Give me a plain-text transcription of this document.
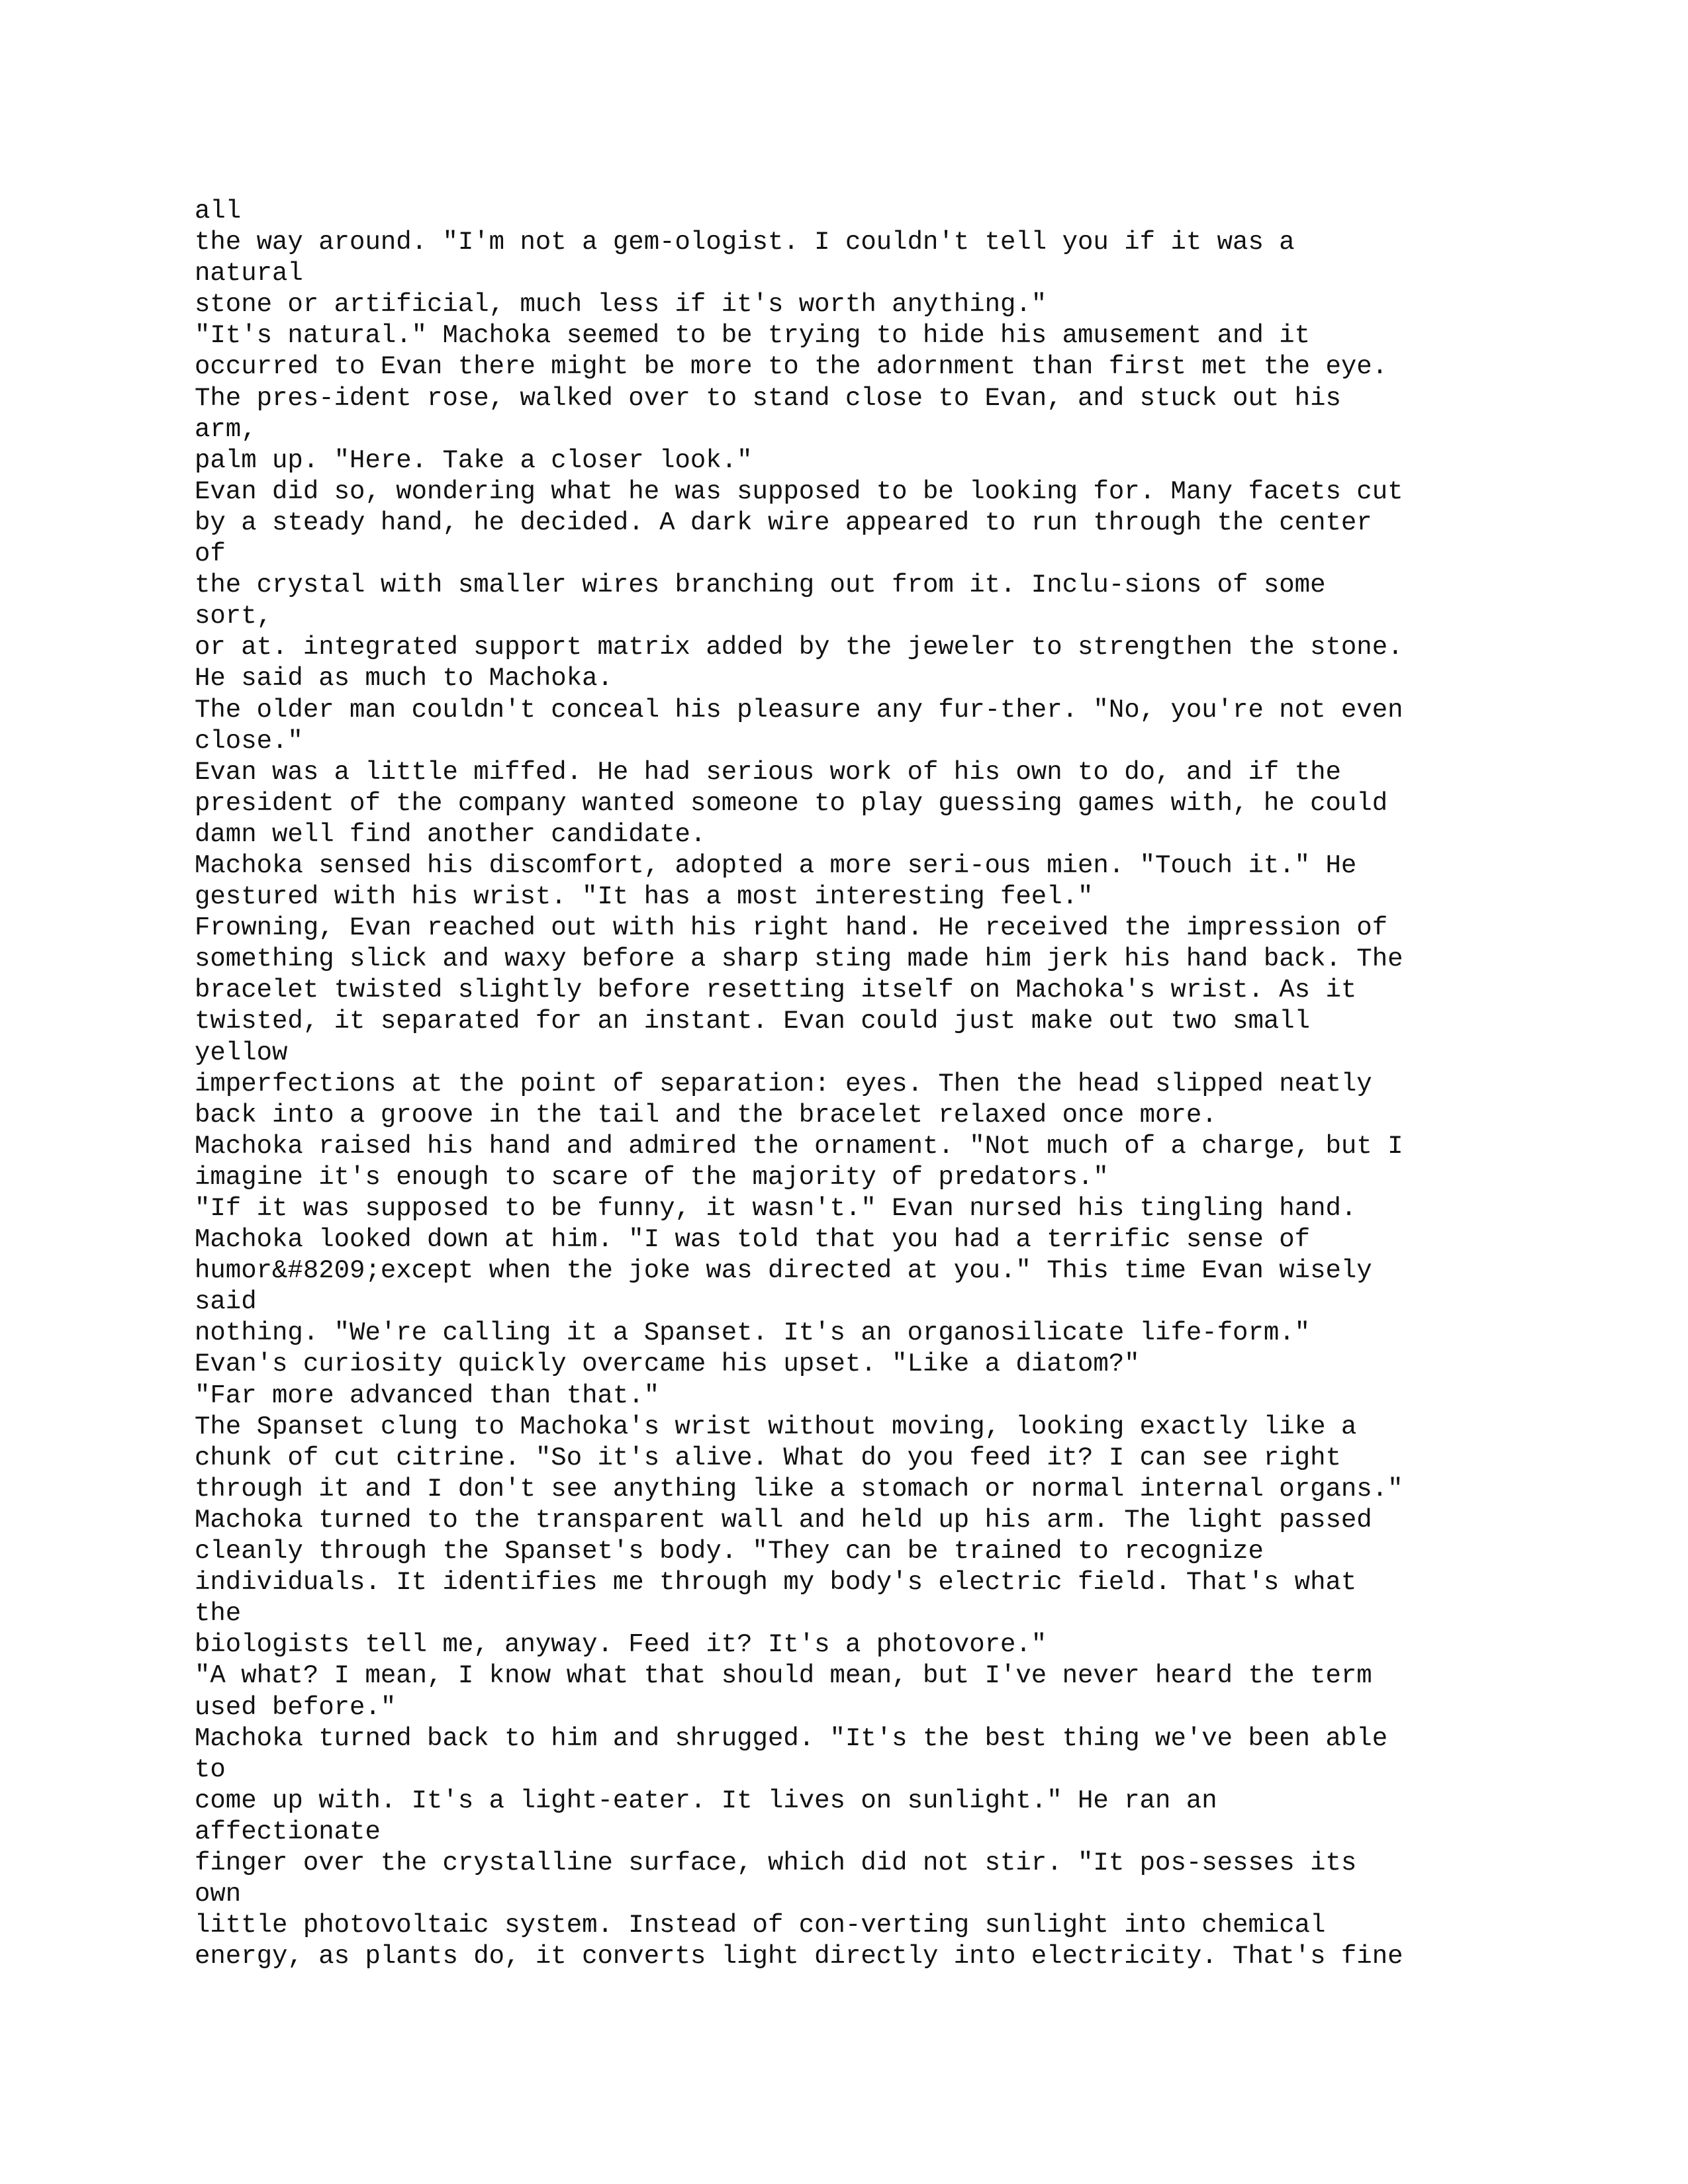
all
the way around. "I'm not a gem-ologist. I couldn't tell you if it was a
natural
stone or artificial, much less if it's worth anything."
"It's natural." Machoka seemed to be trying to hide his amusement and it
occurred to Evan there might be more to the adornment than first met the eye.
The pres-ident rose, walked over to stand close to Evan, and stuck out his
arm,
palm up. "Here. Take a closer look."
Evan did so, wondering what he was supposed to be looking for. Many facets cut
by a steady hand, he decided. A dark wire appeared to run through the center
of
the crystal with smaller wires branching out from it. Inclu-sions of some
sort,
or at. integrated support matrix added by the jeweler to strengthen the stone.
He said as much to Machoka.
The older man couldn't conceal his pleasure any fur-ther. "No, you're not even
close."
Evan was a little miffed. He had serious work of his own to do, and if the
president of the company wanted someone to play guessing games with, he could
damn well find another candidate.
Machoka sensed his discomfort, adopted a more seri-ous mien. "Touch it." He
gestured with his wrist. "It has a most interesting feel."
Frowning, Evan reached out with his right hand. He received the impression of
something slick and waxy before a sharp sting made him jerk his hand back. The
bracelet twisted slightly before resetting itself on Machoka's wrist. As it
twisted, it separated for an instant. Evan could just make out two small
yellow
imperfections at the point of separation: eyes. Then the head slipped neatly
back into a groove in the tail and the bracelet relaxed once more.
Machoka raised his hand and admired the ornament. "Not much of a charge, but I
imagine it's enough to scare of the majority of predators."
"If it was supposed to be funny, it wasn't." Evan nursed his tingling hand.
Machoka looked down at him. "I was told that you had a terrific sense of
humor&#8209;except when the joke was directed at you." This time Evan wisely
said
nothing. "We're calling it a Spanset. It's an organosilicate life-form."
Evan's curiosity quickly overcame his upset. "Like a diatom?"
"Far more advanced than that."
The Spanset clung to Machoka's wrist without moving, looking exactly like a
chunk of cut citrine. "So it's alive. What do you feed it? I can see right
through it and I don't see anything like a stomach or normal internal organs."
Machoka turned to the transparent wall and held up his arm. The light passed
cleanly through the Spanset's body. "They can be trained to recognize
individuals. It identifies me through my body's electric field. That's what
the
biologists tell me, anyway. Feed it? It's a photovore."
"A what? I mean, I know what that should mean, but I've never heard the term
used before."
Machoka turned back to him and shrugged. "It's the best thing we've been able
to
come up with. It's a light-eater. It lives on sunlight." He ran an
affectionate
finger over the crystalline surface, which did not stir. "It pos-sesses its
own
little photovoltaic system. Instead of con-verting sunlight into chemical
energy, as plants do, it converts light directly into electricity. That's fine
